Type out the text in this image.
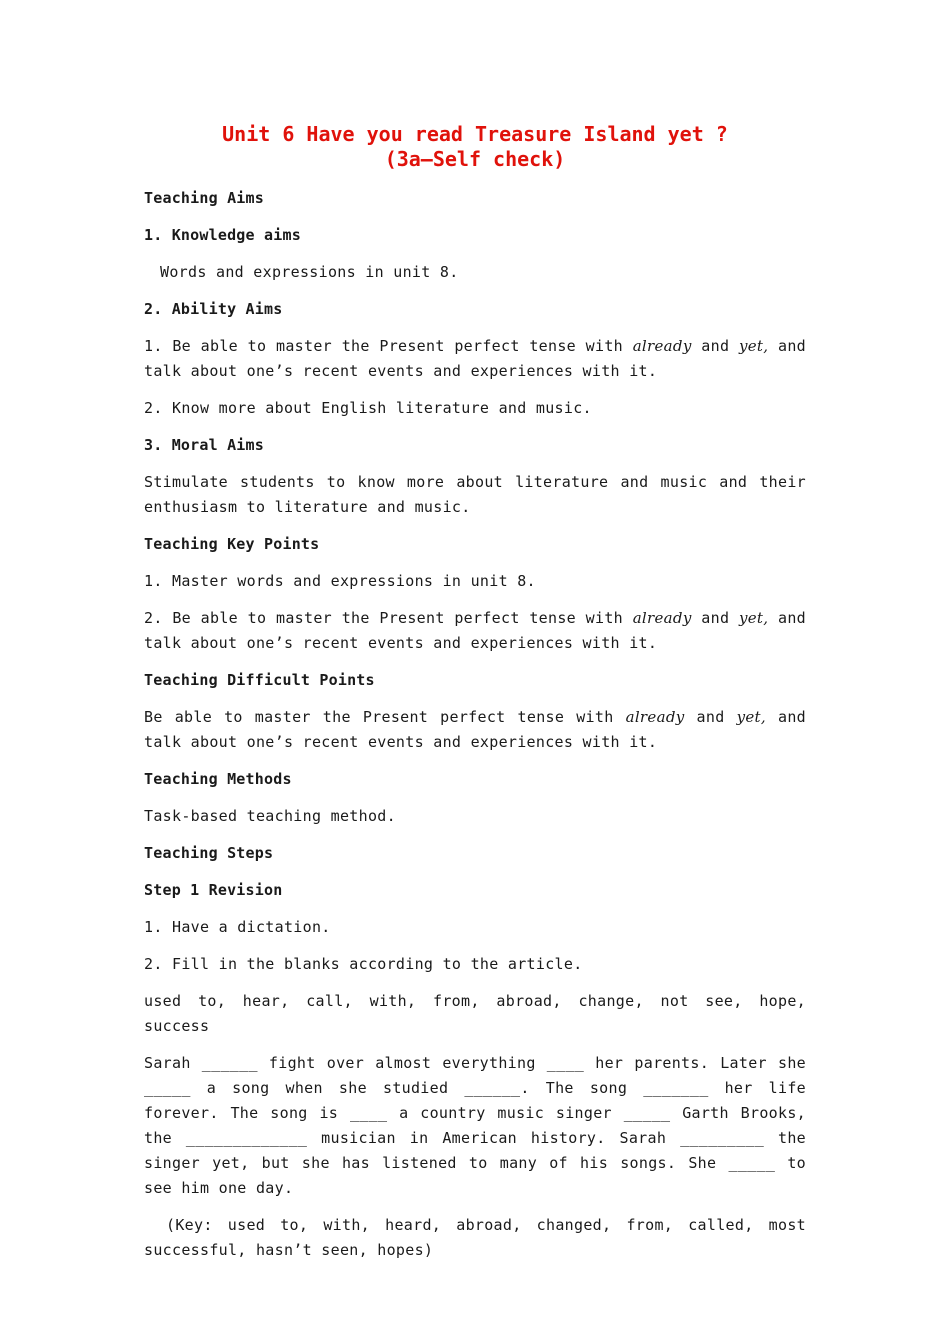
Unit 6 Have you read Treasure Island yet ?
(3a—Self check)
Teaching Aims
1. Knowledge aims
Words and expressions in unit 8.
2. Ability Aims
1. Be able to master the Present perfect tense with already and yet, and talk about one’s recent events and experiences with it.
2. Know more about English literature and music.
3. Moral Aims
Stimulate students to know more about literature and music and their enthusiasm to literature and music.
Teaching Key Points
1. Master words and expressions in unit 8.
2. Be able to master the Present perfect tense with already and yet, and talk about one’s recent events and experiences with it.
Teaching Difficult Points
Be able to master the Present perfect tense with already and yet, and talk about one’s recent events and experiences with it.
Teaching Methods
Task-based teaching method.
Teaching Steps
Step 1 Revision
1. Have a dictation.
2. Fill in the blanks according to the article.
used to, hear, call, with, from, abroad, change, not see, hope, success
Sarah ______ fight over almost everything ____ her parents. Later she _____ a song when she studied ______. The song _______ her life forever. The song is ____ a country music singer _____ Garth Brooks, the _____________ musician in American history. Sarah _________ the singer yet, but she has listened to many of his songs. She _____ to see him one day.
(Key: used to, with, heard, abroad, changed, from, called, most successful, hasn’t seen, hopes)
